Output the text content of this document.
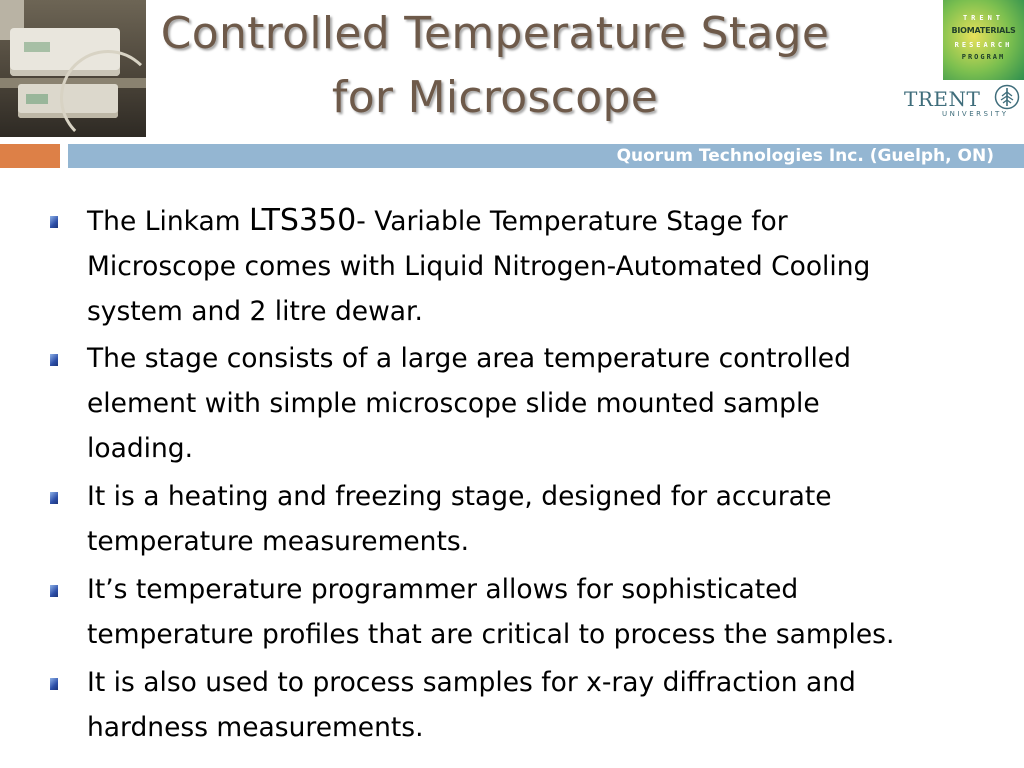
Controlled Temperature Stage
for Microscope
TRENT
BIOMATERIALS
RESEARCH
PROGRAM
TRENT
UNIVERSITY
Quorum Technologies Inc. (Guelph, ON)
The Linkam LTS350- Variable Temperature Stage for
Microscope comes with Liquid Nitrogen-Automated Cooling
system and 2 litre dewar.
The stage consists of a large area temperature controlled
element with simple microscope slide mounted sample
loading.
It is a heating and freezing stage, designed for accurate
temperature measurements.
It’s temperature programmer allows for sophisticated
temperature profiles that are critical to process the samples.
It is also used to process samples for x-ray diffraction and
hardness measurements.
